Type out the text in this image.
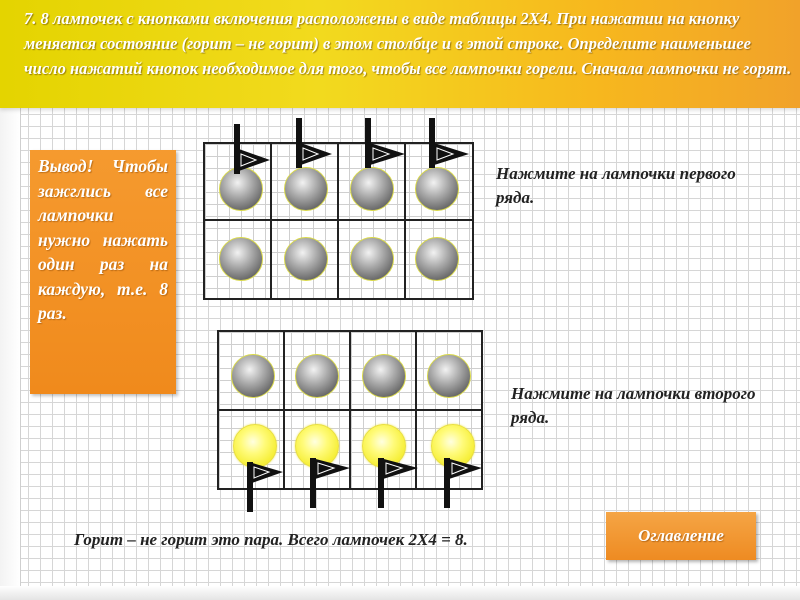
7. 8 лампочек с кнопками включения расположены в виде таблицы 2Х4. При нажатии на кнопку меняется состояние (горит – не горит) в этом столбце и в этой строке. Определите наименьшее число нажатий кнопок необходимое для того, чтобы все лампочки горели. Сначала лампочки не горят.

Вывод! Чтобы зажглись все лампочки нужно нажать один раз на каждую, т.е. 8 раз.
Нажмите на лампочки первого ряда.
Нажмите на лампочки второго ряда.
Горит – не горит это пара. Всего лампочек 2Х4 = 8.	Оглавление
